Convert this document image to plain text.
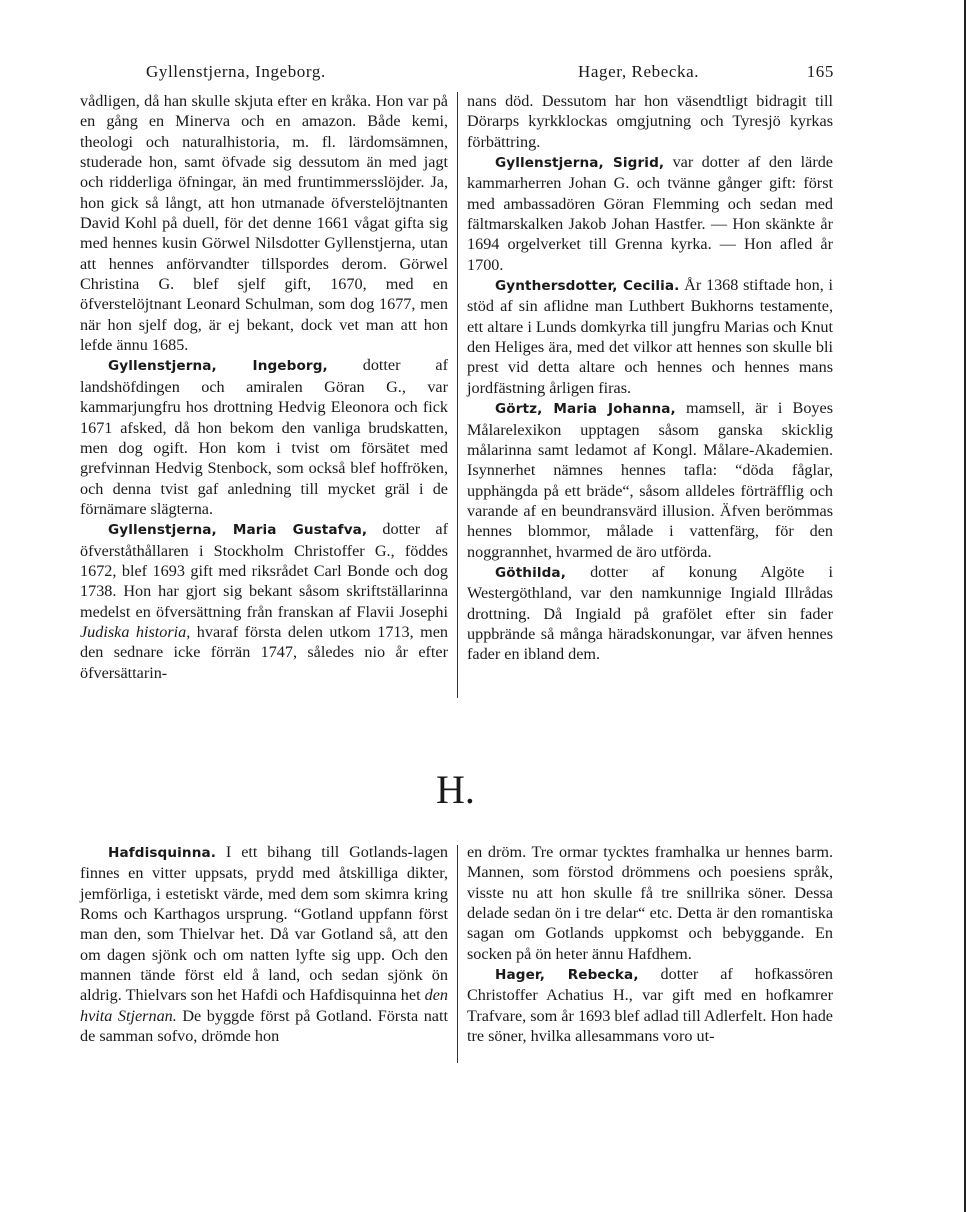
Gyllenstjerna, Ingeborg.	Hager, Rebecka.	165

vådligen, då han skulle skjuta efter en kråka. Hon var på en gång en Minerva och en amazon. Både kemi, theologi och naturalhistoria, m. fl. lärdomsämnen, studerade hon, samt öfvade sig dessutom än med jagt och ridderliga öfningar, än med fruntimmersslöjder. Ja, hon gick så långt, att hon utmanade öfverstelöjtnanten David Kohl på duell, för det denne 1661 vågat gifta sig med hennes kusin Görwel Nilsdotter Gyllenstjerna, utan att hennes anförvandter tillspordes derom. Görwel Christina G. blef sjelf gift, 1670, med en öfverstelöjtnant Leonard Schulman, som dog 1677, men när hon sjelf dog, är ej bekant, dock vet man att hon lefde ännu 1685.

Gyllenstjerna, Ingeborg, dotter af landshöfdingen och amiralen Göran G., var kammarjungfru hos drottning Hedvig Eleonora och fick 1671 afsked, då hon bekom den vanliga brudskatten, men dog ogift. Hon kom i tvist om försätet med grefvinnan Hedvig Stenbock, som också blef hoffröken, och denna tvist gaf anledning till mycket gräl i de förnämare slägterna.

Gyllenstjerna, Maria Gustafva, dotter af öfverståthållaren i Stockholm Christoffer G., föddes 1672, blef 1693 gift med riksrådet Carl Bonde och dog 1738. Hon har gjort sig bekant såsom skriftställarinna medelst en öfversättning från franskan af Flavii Josephi Judiska historia, hvaraf första delen utkom 1713, men den sednare icke förrän 1747, således nio år efter öfversättarin-

nans död. Dessutom har hon väsendtligt bidragit till Dörarps kyrkklockas omgjutning och Tyresjö kyrkas förbättring.

Gyllenstjerna, Sigrid, var dotter af den lärde kammarherren Johan G. och tvänne gånger gift: först med ambassadören Göran Flemming och sedan med fältmarskalken Jakob Johan Hastfer. — Hon skänkte år 1694 orgelverket till Grenna kyrka. — Hon afled år 1700.

Gynthersdotter, Cecilia. År 1368 stiftade hon, i stöd af sin aflidne man Luthbert Bukhorns testamente, ett altare i Lunds domkyrka till jungfru Marias och Knut den Heliges ära, med det vilkor att hennes son skulle bli prest vid detta altare och hennes och hennes mans jordfästning årligen firas.

Görtz, Maria Johanna, mamsell, är i Boyes Målarelexikon upptagen såsom ganska skicklig målarinna samt ledamot af Kongl. Målare-Akademien. Isynnerhet nämnes hennes tafla: “döda fåglar, upphängda på ett bräde“, såsom alldeles förträfflig och varande af en beundransvärd illusion. Äfven berömmas hennes blommor, målade i vattenfärg, för den noggrannhet, hvarmed de äro utförda.

Göthilda, dotter af konung Algöte i Westergöthland, var den namkunnige Ingiald Illrådas drottning. Då Ingiald på grafölet efter sin fader uppbrände så många häradskonungar, var äfven hennes fader en ibland dem.

H.

Hafdisquinna. I ett bihang till Gotlands-lagen finnes en vitter uppsats, prydd med åtskilliga dikter, jemförliga, i estetiskt värde, med dem som skimra kring Roms och Karthagos ursprung. “Gotland uppfann först man den, som Thielvar het. Då var Gotland så, att den om dagen sjönk och om natten lyfte sig upp. Och den mannen tände först eld å land, och sedan sjönk ön aldrig. Thielvars son het Hafdi och Hafdisquinna het den hvita Stjernan. De byggde först på Gotland. Första natt de samman sofvo, drömde hon

en dröm. Tre ormar tycktes framhalka ur hennes barm. Mannen, som förstod drömmens och poesiens språk, visste nu att hon skulle få tre snillrika söner. Dessa delade sedan ön i tre delar“ etc. Detta är den romantiska sagan om Gotlands uppkomst och bebyggande. En socken på ön heter ännu Hafdhem.

Hager, Rebecka, dotter af hofkassören Christoffer Achatius H., var gift med en hofkamrer Trafvare, som år 1693 blef adlad till Adlerfelt. Hon hade tre söner, hvilka allesammans voro ut-
